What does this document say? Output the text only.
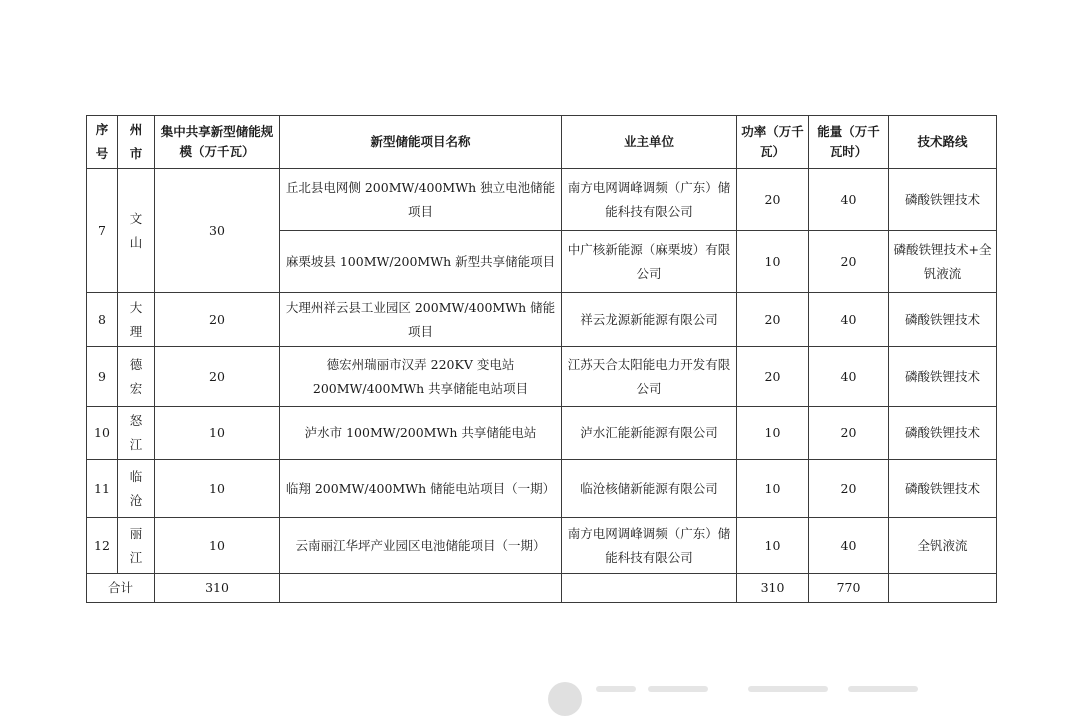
序号	州市	集中共享新型储能规模（万千瓦）	新型储能项目名称	业主单位	功率（万千瓦）	能量（万千瓦时）	技术路线
7	文山	30	丘北县电网侧 200MW/400MWh 独立电池储能项目	南方电网调峰调频（广东）储能科技有限公司	20	40	磷酸铁锂技术
			麻栗坡县 100MW/200MWh 新型共享储能项目	中广核新能源（麻栗坡）有限公司	10	20	磷酸铁锂技术+全钒液流
8	大理	20	大理州祥云县工业园区 200MW/400MWh 储能项目	祥云龙源新能源有限公司	20	40	磷酸铁锂技术
9	德宏	20	德宏州瑞丽市汉弄 220KV 变电站 200MW/400MWh 共享储能电站项目	江苏天合太阳能电力开发有限公司	20	40	磷酸铁锂技术
10	怒江	10	泸水市 100MW/200MWh 共享储能电站	泸水汇能新能源有限公司	10	20	磷酸铁锂技术
11	临沧	10	临翔 200MW/400MWh 储能电站项目（一期）	临沧核储新能源有限公司	10	20	磷酸铁锂技术
12	丽江	10	云南丽江华坪产业园区电池储能项目（一期）	南方电网调峰调频（广东）储能科技有限公司	10	40	全钒液流
合计		310			310	770	
